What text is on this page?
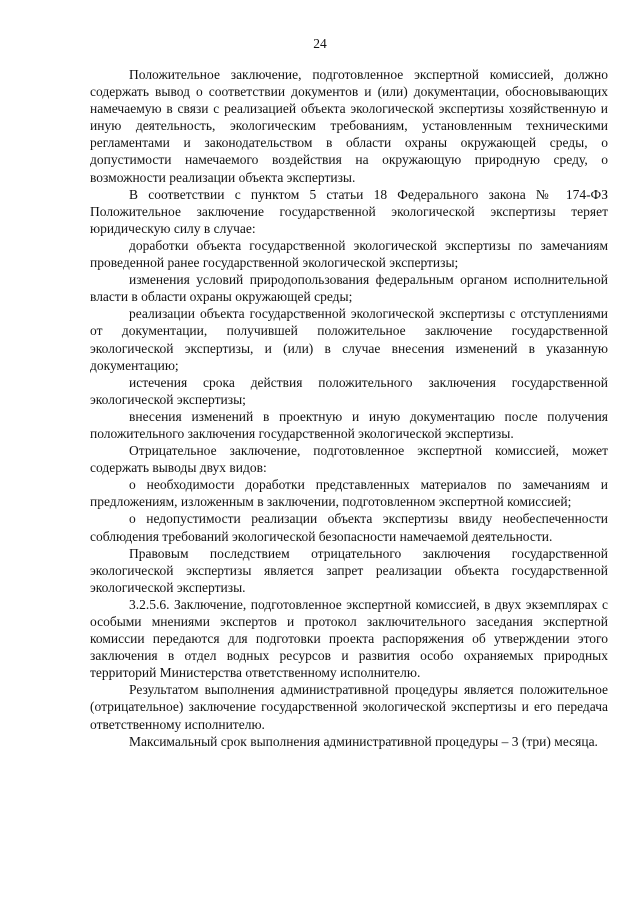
24

Положительное заключение, подготовленное экспертной комиссией, должно содержать вывод о соответствии документов и (или) документации, обосновывающих намечаемую в связи с реализацией объекта экологической экспертизы хозяйственную и иную деятельность, экологическим требованиям, установленным техническими регламентами и законодательством в области охраны окружающей среды, о допустимости намечаемого воздействия на окружающую природную среду, о возможности реализации объекта экспертизы.

В соответствии с пунктом 5 статьи 18 Федерального закона № 174-ФЗ Положительное заключение государственной экологической экспертизы теряет юридическую силу в случае:

доработки объекта государственной экологической экспертизы по замечаниям проведенной ранее государственной экологической экспертизы;

изменения условий природопользования федеральным органом исполнительной власти в области охраны окружающей среды;

реализации объекта государственной экологической экспертизы с отступлениями от документации, получившей положительное заключение государственной экологической экспертизы, и (или) в случае внесения изменений в указанную документацию;

истечения срока действия положительного заключения государственной экологической экспертизы;

внесения изменений в проектную и иную документацию после получения положительного заключения государственной экологической экспертизы.

Отрицательное заключение, подготовленное экспертной комиссией, может содержать выводы двух видов:

о необходимости доработки представленных материалов по замечаниям и предложениям, изложенным в заключении, подготовленном экспертной комиссией;

о недопустимости реализации объекта экспертизы ввиду необеспеченности соблюдения требований экологической безопасности намечаемой деятельности.

Правовым последствием отрицательного заключения государственной экологической экспертизы является запрет реализации объекта государственной экологической экспертизы.

3.2.5.6. Заключение, подготовленное экспертной комиссией, в двух экземплярах с особыми мнениями экспертов и протокол заключительного заседания экспертной комиссии передаются для подготовки проекта распоряжения об утверждении этого заключения в отдел водных ресурсов и развития особо охраняемых природных территорий Министерства ответственному исполнителю.

Результатом выполнения административной процедуры является положительное (отрицательное) заключение государственной экологической экспертизы и его передача ответственному исполнителю.

Максимальный срок выполнения административной процедуры – 3 (три) месяца.
